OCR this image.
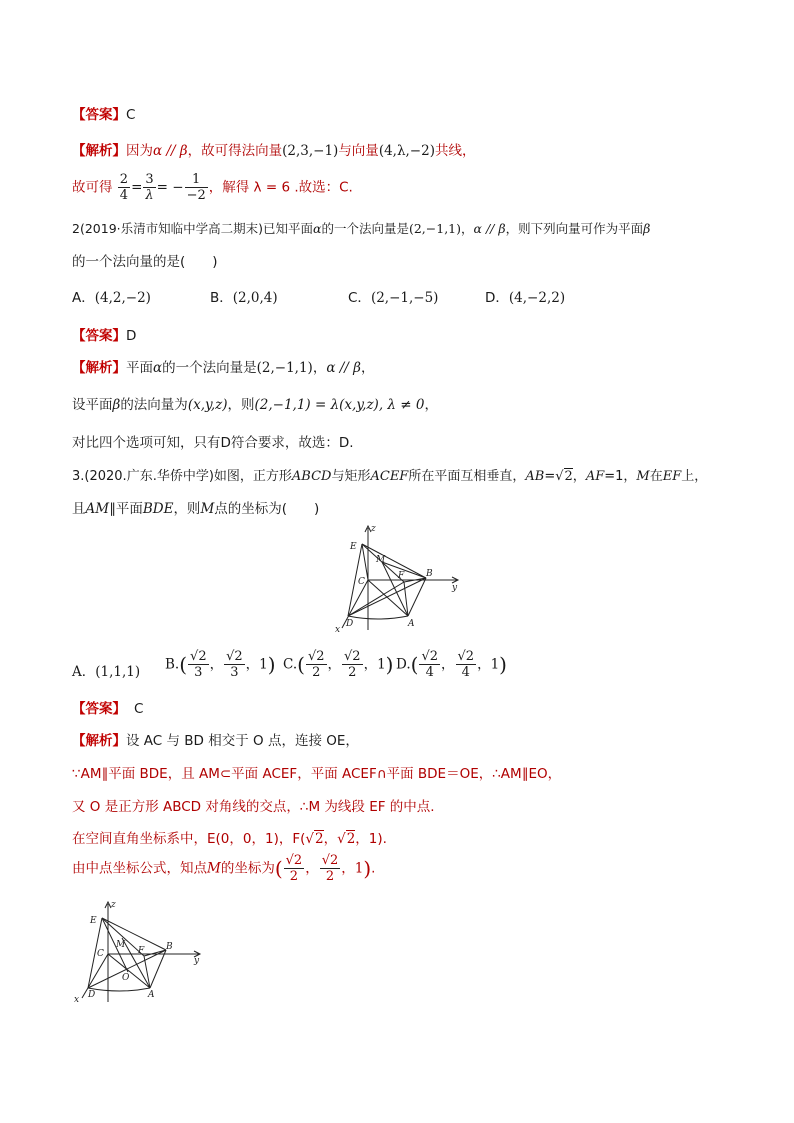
【答案】C
【解析】因为α // β，故可得法向量(2,3,−1)与向量(4,λ,−2)共线，
故可得 $\frac{2}{4} = \frac{3}{\lambda}$ = − $\frac{1}{-2}$ ，解得 λ = 6 .故选：C.
2(2019·乐清市知临中学高二期末)已知平面α的一个法向量是(2,−1,1)，α // β，则下列向量可作为平面β
的一个法向量的是(　　)
A．(4,2,−2)	B．(2,0,4)	C．(2,−1,−5)	D．(4,−2,2)
【答案】D
【解析】平面α的一个法向量是(2,−1,1)，α // β，
设平面β的法向量为(x,y,z)，则(2,−1,1) = λ(x,y,z), λ ≠ 0，
对比四个选项可知，只有D符合要求，故选：D.
3.(2020.广东.华侨中学)如图，正方形ABCD与矩形ACEF所在平面互相垂直，AB=√2，AF=1，M在EF上，
且AM∥平面BDE，则M点的坐标为(　　)
z
E
M
F B
C
y
x
D	A
A．(1,1,1) $B.( \frac{√2}{3}$ ， $\frac{√2}{3}$ ，1) $C.( \frac{√2}{2}$ ， $\frac{√2}{2}$ ，1) $D.( \frac{√2}{4}$ ， $\frac{√2}{4}$ ，1)
【答案】 C
【解析】设 AC 与 BD 相交于 O 点，连接 OE，
∵AM∥平面 BDE，且 AM⊂平面 ACEF，平面 ACEF∩平面 BDE＝OE，∴AM∥EO，
又 O 是正方形 ABCD 对角线的交点，∴M 为线段 EF 的中点.
在空间直角坐标系中，E(0，0，1)，F(√2，√2，1).
由中点坐标公式，知点M的坐标为( $\frac{√2}{2}$ ， $\frac{√2}{2}$ ，1).
z
E
M
F B
C
y
x D	A
O
